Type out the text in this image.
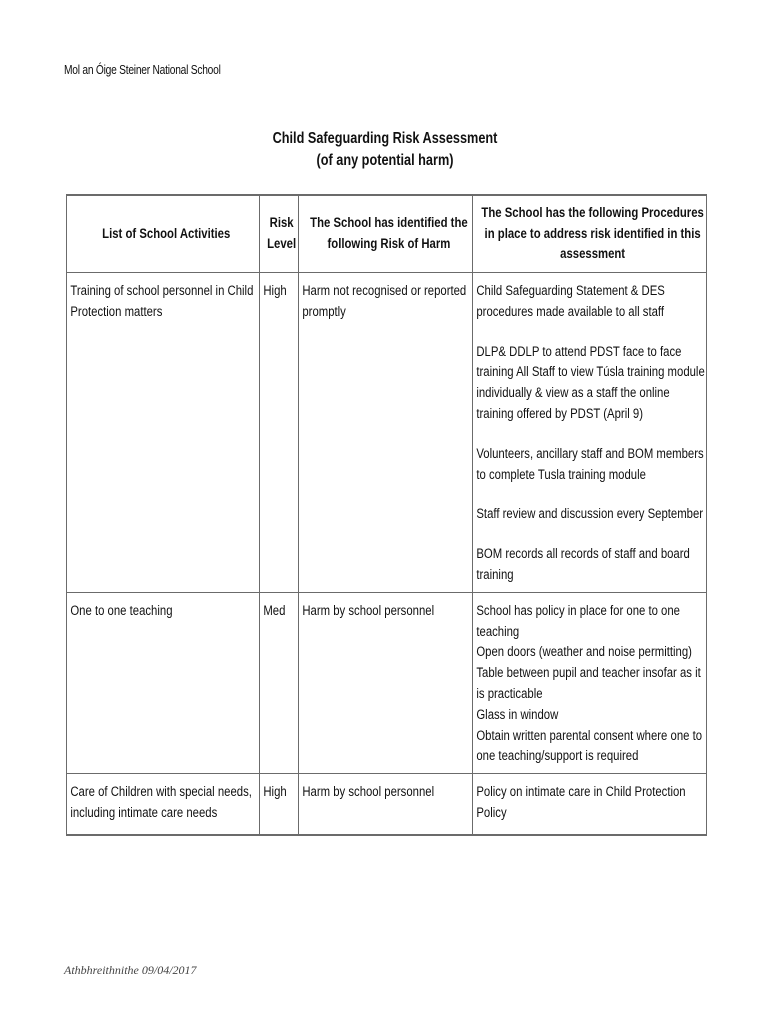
Mol an Óige Steiner National School
Child Safeguarding Risk Assessment
(of any potential harm)
List of School Activities	Risk Level	The School has identified the following Risk of Harm	The School has the following Procedures in place to address risk identified in this assessment

Training of school personnel in Child Protection matters	High	Harm not recognised or reported promptly	Child Safeguarding Statement & DES procedures made available to all staff
DLP& DDLP to attend PDST face to face training All Staff to view Túsla training module individually & view as a staff the online training offered by PDST (April 9)
Volunteers, ancillary staff and BOM members to complete Tusla training module
Staff review and discussion every September
BOM records all records of staff and board training

One to one teaching	Med	Harm by school personnel	School has policy in place for one to one teaching
Open doors (weather and noise permitting)
Table between pupil and teacher insofar as it is practicable
Glass in window
Obtain written parental consent where one to one teaching/support is required

Care of Children with special needs, including intimate care needs	High	Harm by school personnel	Policy on intimate care in Child Protection Policy
Athbhreithnithe 09/04/2017
